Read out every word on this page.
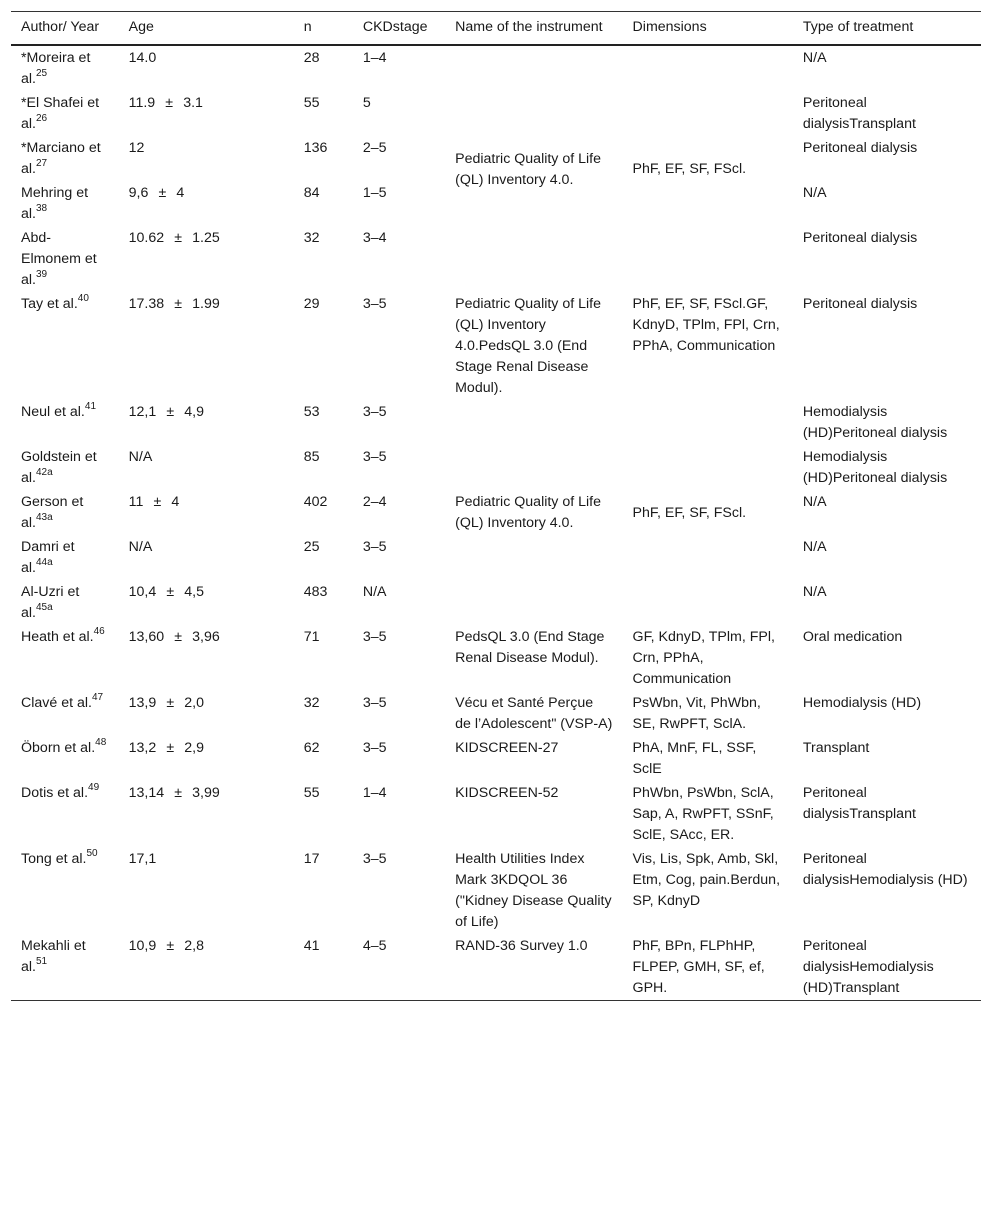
Author/ Year	Age	n	CKDstage	Name of the instrument	Dimensions	Type of treatment
*Moreira et al.$^{25}$	14.0	28	1–4	Pediatric Quality of Life (QL) Inventory 4.0.	PhF, EF, SF, FScl.	N/A
*El Shafei et al.$^{26}$	11.9 ± 3.1	55	5			Peritoneal dialysisTransplant
*Marciano et al.$^{27}$	12	136	2–5			Peritoneal dialysis
Mehring et al.$^{38}$	9,6 ± 4	84	1–5			N/A
Abd-Elmonem et al.$^{39}$	10.62 ± 1.25	32	3–4			Peritoneal dialysis
Tay et al.$^{40}$	17.38 ± 1.99	29	3–5	Pediatric Quality of Life (QL) Inventory 4.0.PedsQL 3.0 (End Stage Renal Disease Modul).	PhF, EF, SF, FScl.GF, KdnyD, TPlm, FPl, Crn, PPhA, Communication	Peritoneal dialysis
Neul et al.$^{41}$	12,1 ± 4,9	53	3–5	Pediatric Quality of Life (QL) Inventory 4.0.	PhF, EF, SF, FScl.	Hemodialysis (HD)Peritoneal dialysis
Goldstein et al.$^{42a}$	N/A	85	3–5			Hemodialysis (HD)Peritoneal dialysis
Gerson et al.$^{43a}$	11 ± 4	402	2–4			N/A
Damri et al.$^{44a}$	N/A	25	3–5			N/A
Al-Uzri et al.$^{45a}$	10,4 ± 4,5	483	N/A			N/A
Heath et al.$^{46}$	13,60 ± 3,96	71	3–5	PedsQL 3.0 (End Stage Renal Disease Modul).	GF, KdnyD, TPlm, FPl, Crn, PPhA, Communication	Oral medication
Clavé et al.$^{47}$	13,9 ± 2,0	32	3–5	Vécu et Santé Perçue de l’Adolescent" (VSP-A)	PsWbn, Vit, PhWbn, SE, RwPFT, SclA.	Hemodialysis (HD)
Öborn et al.$^{48}$	13,2 ± 2,9	62	3–5	KIDSCREEN-27	PhA, MnF, FL, SSF, SclE	Transplant
Dotis et al.$^{49}$	13,14 ± 3,99	55	1–4	KIDSCREEN-52	PhWbn, PsWbn, SclA, Sap, A, RwPFT, SSnF, SclE, SAcc, ER.	Peritoneal dialysisTransplant
Tong et al.$^{50}$	17,1	17	3–5	Health Utilities Index Mark 3KDQOL 36 ("Kidney Disease Quality of Life)	Vis, Lis, Spk, Amb, Skl, Etm, Cog, pain.Berdun, SP, KdnyD	Peritoneal dialysisHemodialysis (HD)
Mekahli et al.$^{51}$	10,9 ± 2,8	41	4–5	RAND-36 Survey 1.0	PhF, BPn, FLPhHP, FLPEP, GMH, SF, ef, GPH.	Peritoneal dialysisHemodialysis (HD)Transplant
